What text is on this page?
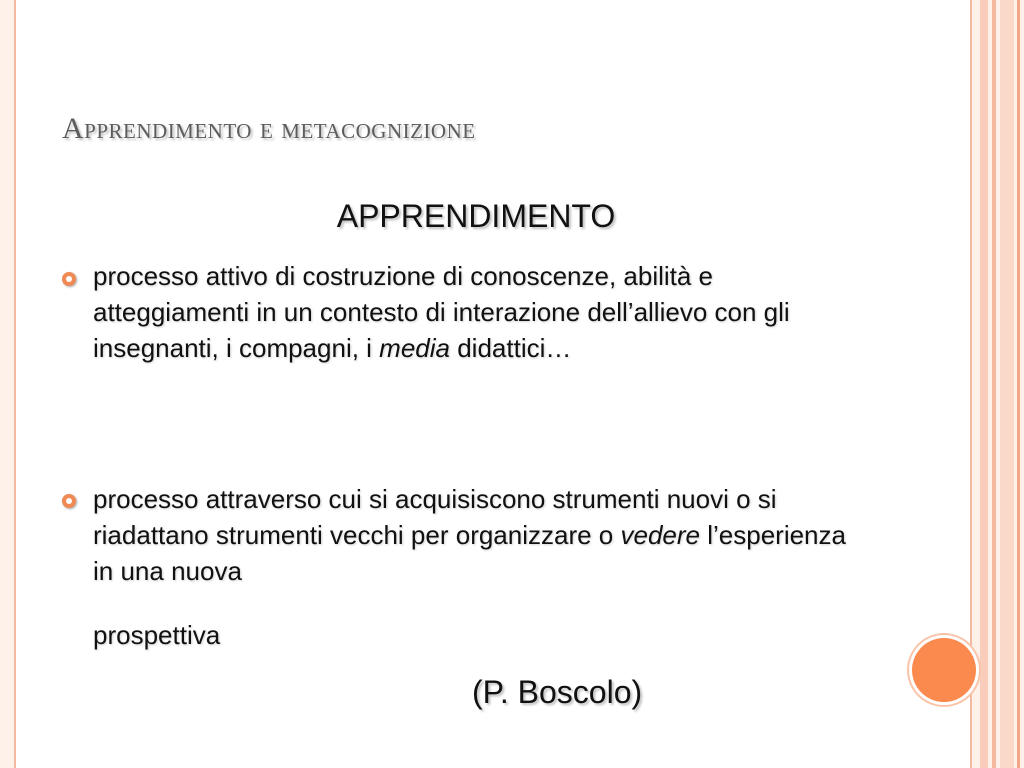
Apprendimento e metacognizione
APPRENDIMENTO

processo attivo di costruzione di conoscenze, abilità e atteggiamenti in un contesto di interazione dell’allievo con gli insegnanti, i compagni, i media didattici…

processo attraverso cui si acquisiscono strumenti nuovi o si riadattano strumenti vecchi per organizzare o vedere l’esperienza in una nuova

prospettiva

(P. Boscolo)
